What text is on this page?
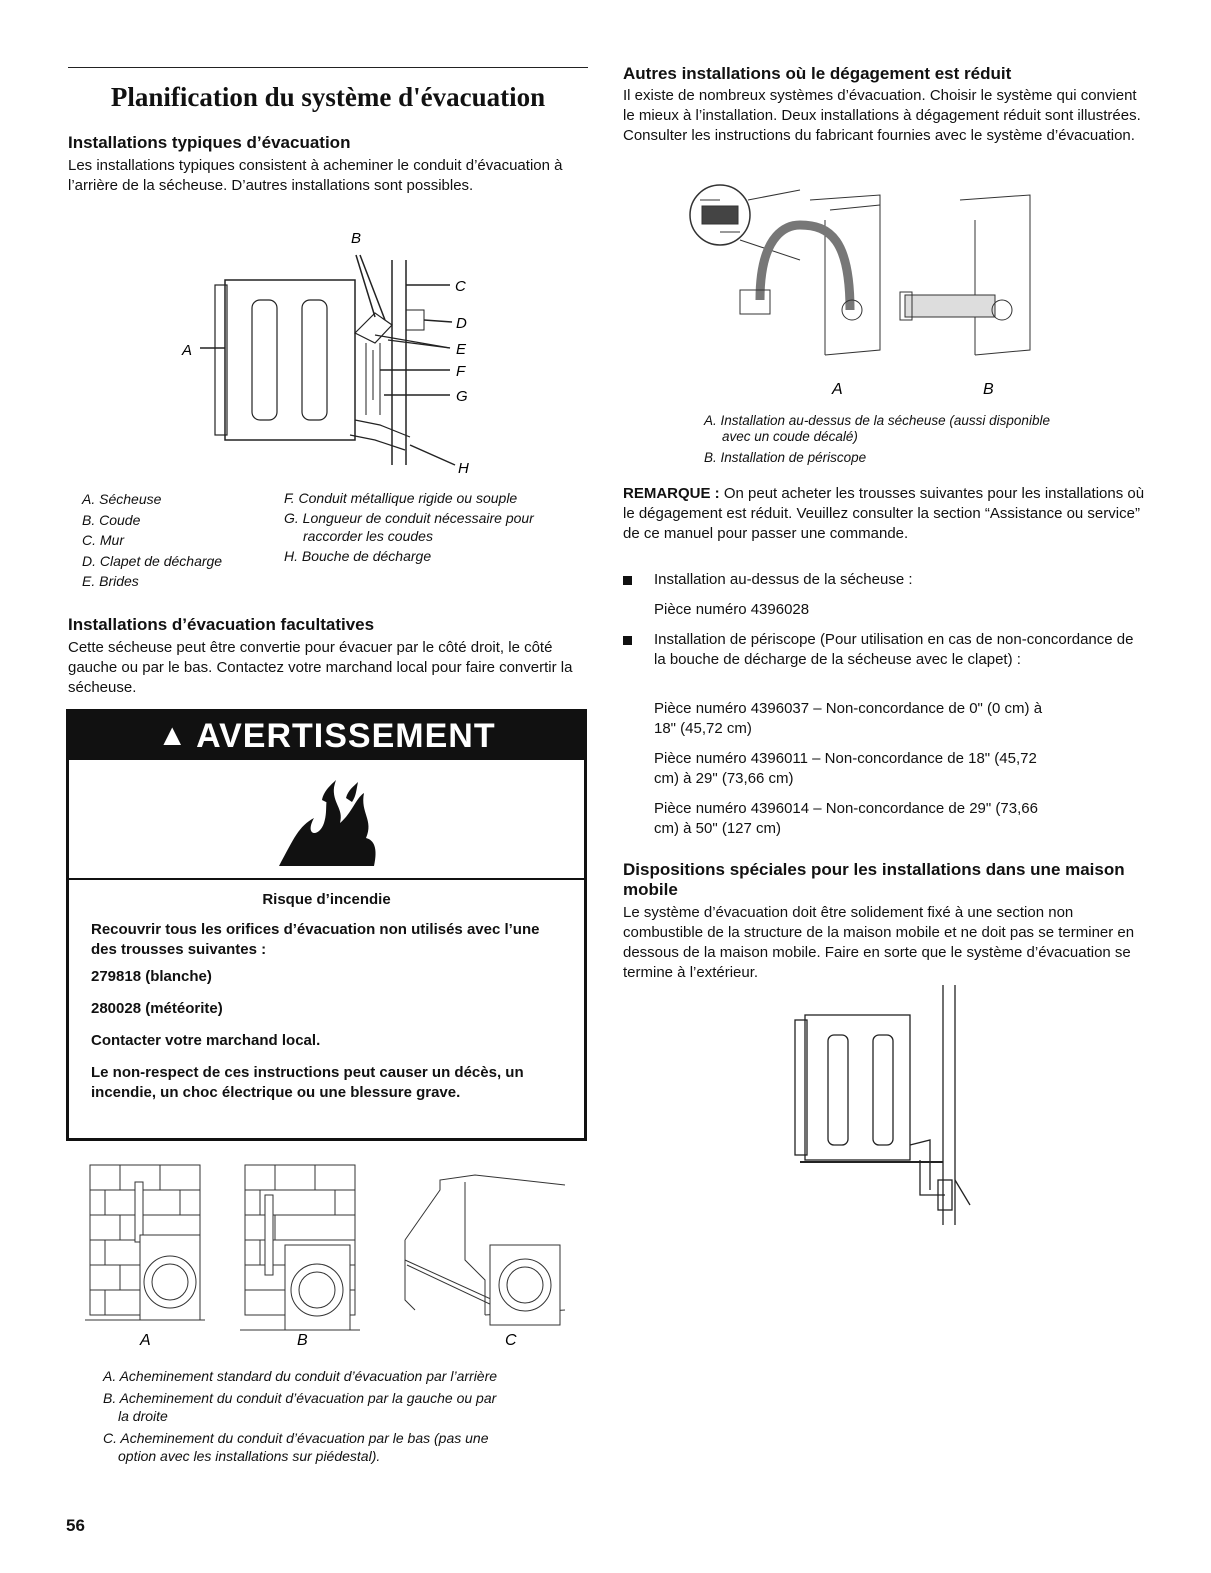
Planification du système d'évacuation
Installations typiques d’évacuation

Les installations typiques consistent à acheminer le conduit d’évacuation à l’arrière de la sécheuse. D’autres installations sont possibles.

A
B
C
D
E
F
G
H
A. Sécheuse
B. Coude
C. Mur
D. Clapet de décharge
E. Brides
F. Conduit métallique rigide ou souple
G. Longueur de conduit nécessaire pour
raccorder les coudes
H. Bouche de décharge
Installations d’évacuation facultatives

Cette sécheuse peut être convertie pour évacuer par le côté droit, le côté gauche ou par le bas. Contactez votre marchand local pour faire convertir la sécheuse.

▲ AVERTISSEMENT
Risque d’incendie
Recouvrir tous les orifices d’évacuation non utilisés avec l’une des trousses suivantes :
279818 (blanche)
280028 (météorite)
Contacter votre marchand local.
Le non-respect de ces instructions peut causer un décès, un incendie, un choc électrique ou une blessure grave.
A	B	C
A. Acheminement standard du conduit d’évacuation par l’arrière
B. Acheminement du conduit d’évacuation par la gauche ou par
la droite
C. Acheminement du conduit d’évacuation par le bas (pas une
option avec les installations sur piédestal).
56
Autres installations où le dégagement est réduit

Il existe de nombreux systèmes d’évacuation. Choisir le système qui convient le mieux à l’installation. Deux installations à dégagement réduit sont illustrées. Consulter les instructions du fabricant fournies avec le système d’évacuation.

A	B
A. Installation au-dessus de la sécheuse (aussi disponible
avec un coude décalé)
B. Installation de périscope

REMARQUE : On peut acheter les trousses suivantes pour les installations où le dégagement est réduit. Veuillez consulter la section “Assistance ou service” de ce manuel pour passer une commande.

Installation au-dessus de la sécheuse :

Pièce numéro 4396028

Installation de périscope (Pour utilisation en cas de non-concordance de la bouche de décharge de la sécheuse avec le clapet) :

Pièce numéro 4396037 – Non-concordance de 0" (0 cm) à 18" (45,72 cm)

Pièce numéro 4396011 – Non-concordance de 18" (45,72 cm) à 29" (73,66 cm)

Pièce numéro 4396014 – Non-concordance de 29" (73,66 cm) à 50" (127 cm)

Dispositions spéciales pour les installations dans une maison mobile

Le système d’évacuation doit être solidement fixé à une section non combustible de la structure de la maison mobile et ne doit pas se terminer en dessous de la maison mobile. Faire en sorte que le système d’évacuation se termine à l’extérieur.
